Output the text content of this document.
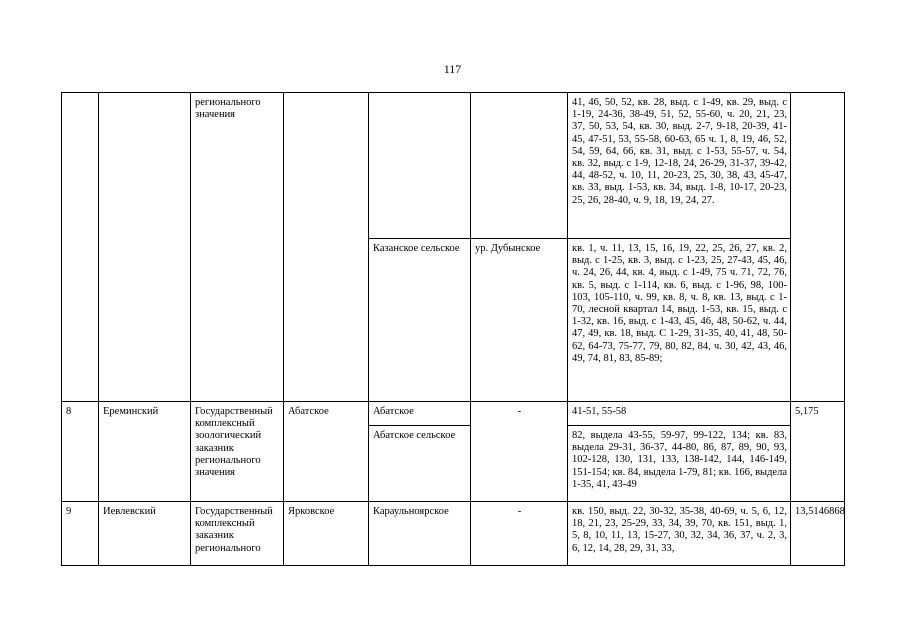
117
		регионального значения				41, 46, 50, 52, кв. 28, выд. с 1-49, кв. 29, выд. с 1-19, 24-36, 38-49, 51, 52, 55-60, ч. 20, 21, 23, 37, 50, 53, 54, кв. 30, выд. 2-7, 9-18, 20-39, 41-45, 47-51, 53, 55-58, 60-63, 65 ч. 1, 8, 19, 46, 52, 54, 59, 64, 66, кв. 31, выд. с 1-53, 55-57, ч. 54, кв. 32, выд. с 1-9, 12-18, 24, 26-29, 31-37, 39-42, 44, 48-52, ч. 10, 11, 20-23, 25, 30, 38, 43, 45-47, кв. 33, выд. 1-53, кв. 34, выд. 1-8, 10-17, 20-23, 25, 26, 28-40, ч. 9, 18, 19, 24, 27.	
				Казанское сельское	ур. Дубынское	кв. 1, ч. 11, 13, 15, 16, 19, 22, 25, 26, 27, кв. 2, выд. с 1-25, кв. 3, выд. с 1-23, 25, 27-43, 45, 46, ч. 24, 26, 44, кв. 4, выд. с 1-49, 75 ч. 71, 72, 76, кв. 5, выд. с 1-114, кв. 6, выд. с 1-96, 98, 100-103, 105-110, ч. 99, кв. 8, ч. 8, кв. 13, выд. с 1-70, лесной квартал 14, выд. 1-53, кв. 15, выд. с 1-32, кв. 16, выд. с 1-43, 45, 46, 48, 50-62, ч. 44, 47, 49, кв. 18, выд. С 1-29, 31-35, 40, 41, 48, 50-62, 64-73, 75-77, 79, 80, 82, 84, ч. 30, 42, 43, 46, 49, 74, 81, 83, 85-89;	
8	Ереминский	Государственный комплексный зоологический заказник регионального значения	Абатское	Абатское	-	41-51, 55-58	5,175
				Абатское сельское		82, выдела 43-55, 59-97, 99-122, 134; кв. 83, выдела 29-31, 36-37, 44-80, 86, 87, 89, 90, 93, 102-128, 130, 131, 133, 138-142, 144, 146-149, 151-154; кв. 84, выдела 1-79, 81; кв. 166, выдела 1-35, 41, 43-49	
9	Иевлевский	Государственный комплексный заказник регионального	Ярковское	Караульноярское	-	кв. 150, выд. 22, 30-32, 35-38, 40-69, ч. 5, 6, 12, 18, 21, 23, 25-29, 33, 34, 39, 70, кв. 151, выд. 1, 5, 8, 10, 11, 13, 15-27, 30, 32, 34, 36, 37, ч. 2, 3, 6, 12, 14, 28, 29, 31, 33,	13,5146868
